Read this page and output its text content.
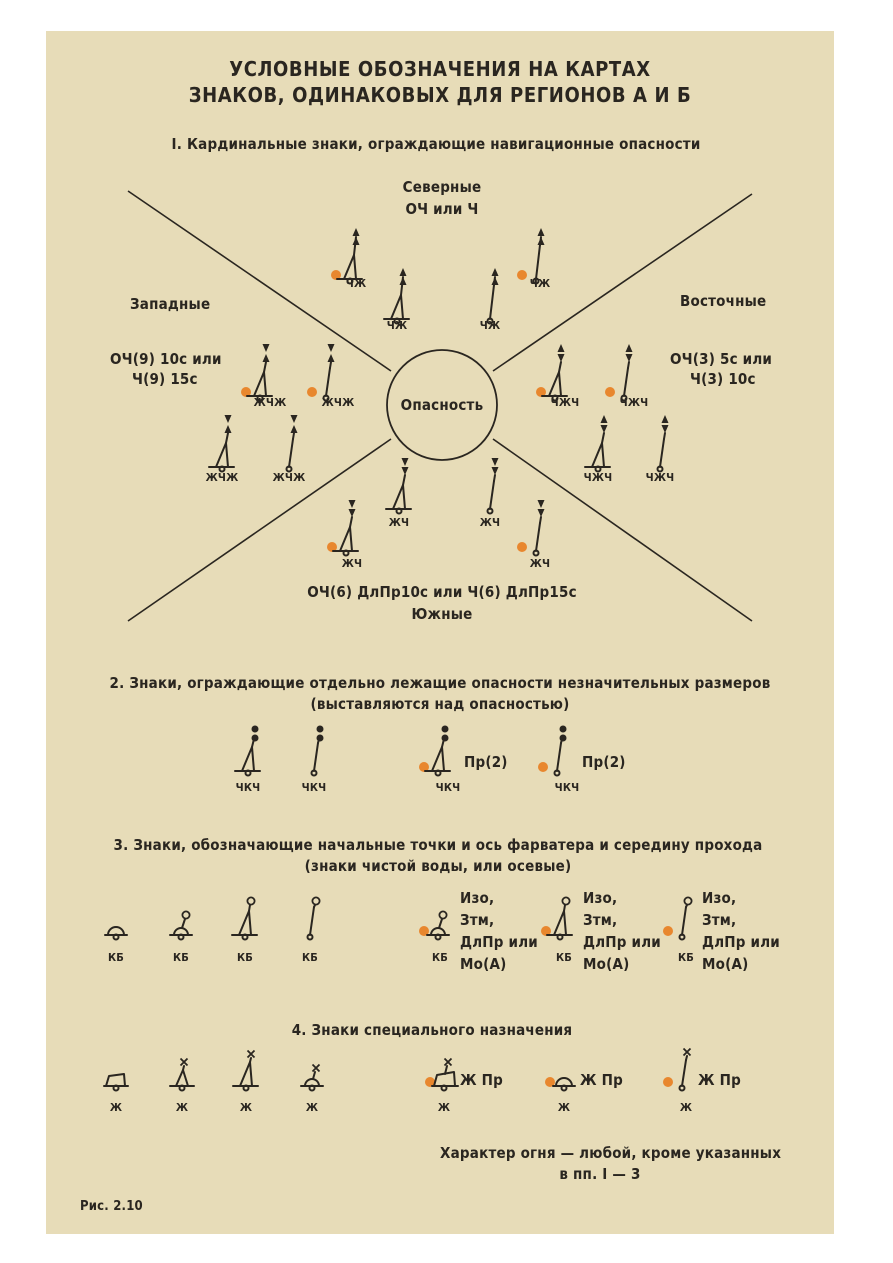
УСЛОВНЫЕ ОБОЗНАЧЕНИЯ НА КАРТАХ
ЗНАКОВ, ОДИНАКОВЫХ ДЛЯ РЕГИОНОВ А И Б
I. Кардинальные знаки, ограждающие навигационные опасности
Северные
ОЧ или Ч
Западные
ОЧ(9) 10с или
Ч(9) 15с
Восточные
ОЧ(3) 5с или
Ч(3) 10с
Опасность
ОЧ(6) ДлПр10с или Ч(6) ДлПр15с
Южные
ЧЖ
ЧЖ	ЧЖ
ЧЖ
ЖЧЖ	ЖЧЖ
ЖЧЖ	ЖЧЖ
ЧЖЧ	ЧЖЧ
ЧЖЧ	ЧЖЧ
ЖЧ	ЖЧ
ЖЧ	ЖЧ
2. Знаки, ограждающие отдельно лежащие опасности незначительных размеров
(выставляются над опасностью)
ЧКЧ	ЧКЧ	ЧКЧ	ЧКЧ
Пр(2)	Пр(2)
3. Знаки, обозначающие начальные точки и ось фарватера и середину прохода
(знаки чистой воды, или осевые)
КБ	КБ	КБ	КБ	КБ	КБ	КБ
Изо,
Зтм,
ДлПр или
Мо(А)
Изо,
Зтм,
ДлПр или
Мо(А)
Изо,
Зтм,
ДлПр или
Мо(А)
4. Знаки специального назначения
Ж	Ж	Ж	Ж	Ж	Ж	Ж
Ж Пр	Ж Пр	Ж Пр
Характер огня — любой, кроме указанных
в пп. I — 3
Рис. 2.10
